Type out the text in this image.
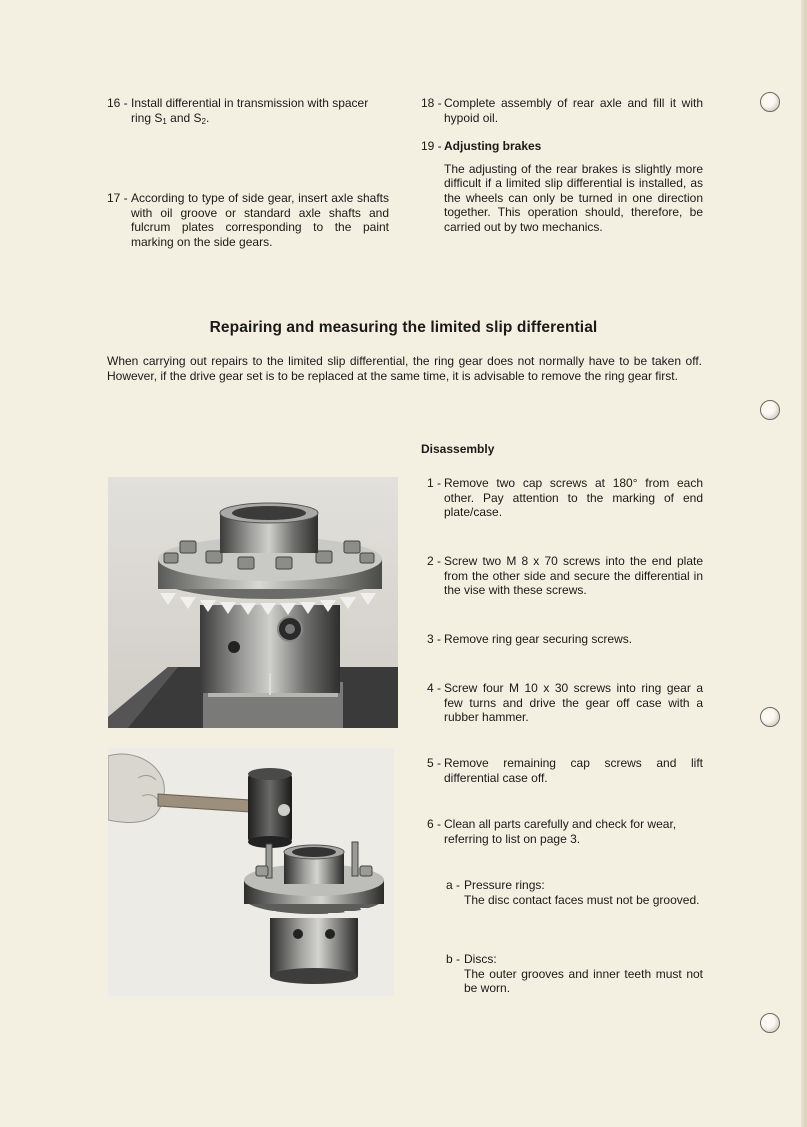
16 - Install differential in transmission with spacer ring $S_1$ and $S_2$.
17 - According to type of side gear, insert axle shafts with oil groove or standard axle shafts and fulcrum plates corresponding to the paint marking on the side gears.
18 - Complete assembly of rear axle and fill it with hypoid oil.
19 - Adjusting brakes
The adjusting of the rear brakes is slightly more difficult if a limited slip differential is installed, as the wheels can only be turned in one direction together. This operation should, therefore, be carried out by two mechanics.
Repairing and measuring the limited slip differential
When carrying out repairs to the limited slip differential, the ring gear does not normally have to be taken off. However, if the drive gear set is to be replaced at the same time, it is advisable to remove the ring gear first.
Disassembly
1 - Remove two cap screws at 180° from each other. Pay attention to the marking of end plate/case.
2 - Screw two M 8 x 70 screws into the end plate from the other side and secure the differential in the vise with these screws.
3 - Remove ring gear securing screws.
4 - Screw four M 10 x 30 screws into ring gear a few turns and drive the gear off case with a rubber hammer.
5 - Remove remaining cap screws and lift differential case off.
6 - Clean all parts carefully and check for wear, referring to list on page 3.
a - Pressure rings:
The disc contact faces must not be grooved.
b - Discs:
The outer grooves and inner teeth must not be worn.
